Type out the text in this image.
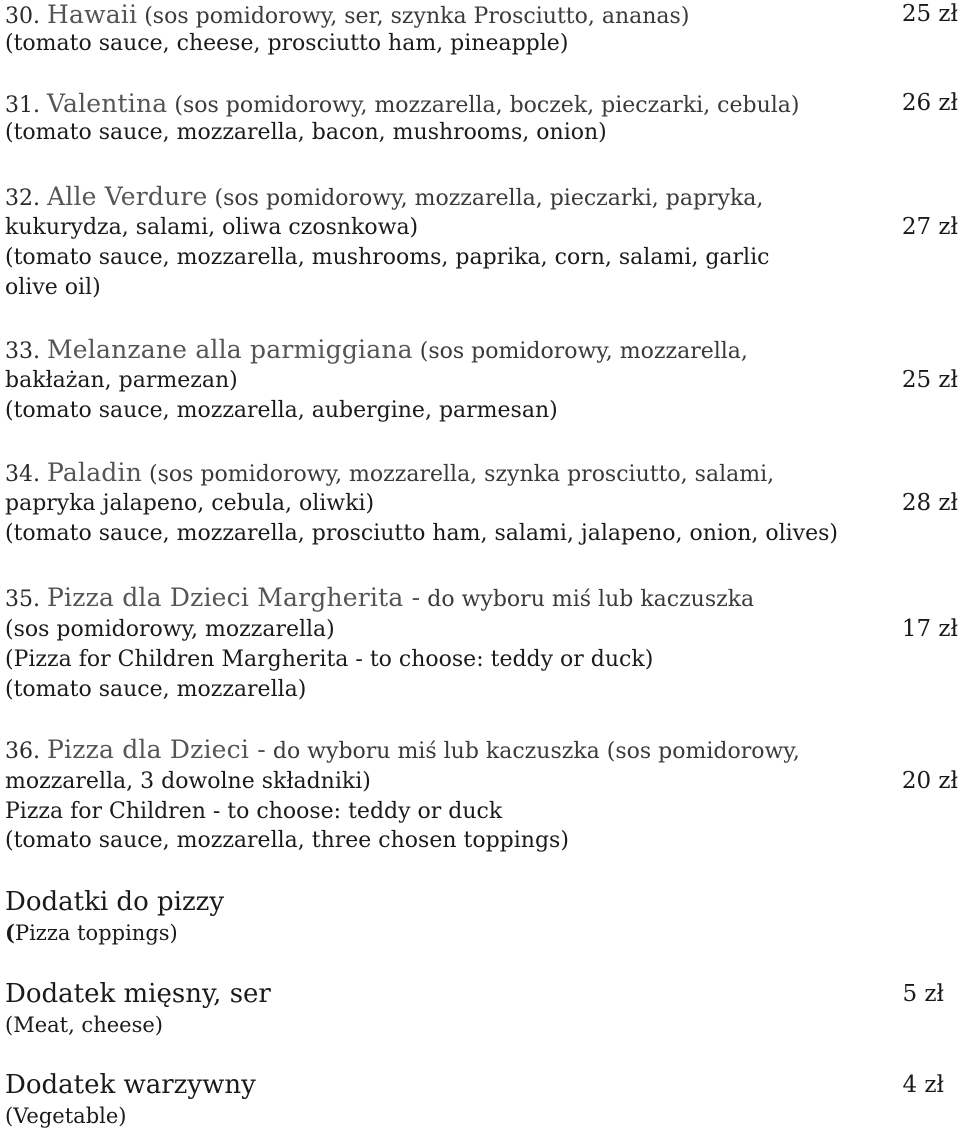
30. Hawaii (sos pomidorowy, ser, szynka Prosciutto, ananas)
(tomato sauce, cheese, prosciutto ham, pineapple)
25 zł
31. Valentina (sos pomidorowy, mozzarella, boczek, pieczarki, cebula)
(tomato sauce, mozzarella, bacon, mushrooms, onion)
26 zł
32. Alle Verdure (sos pomidorowy, mozzarella, pieczarki, papryka,
kukurydza, salami, oliwa czosnkowa)
(tomato sauce, mozzarella, mushrooms, paprika, corn, salami, garlic
olive oil)
27 zł
33. Melanzane alla parmiggiana (sos pomidorowy, mozzarella,
bakłażan, parmezan)
(tomato sauce, mozzarella, aubergine, parmesan)
25 zł
34. Paladin (sos pomidorowy, mozzarella, szynka prosciutto, salami,
papryka jalapeno, cebula, oliwki)
(tomato sauce, mozzarella, prosciutto ham, salami, jalapeno, onion, olives)
28 zł
35. Pizza dla Dzieci Margherita - do wyboru miś lub kaczuszka
(sos pomidorowy, mozzarella)
(Pizza for Children Margherita - to choose: teddy or duck)
(tomato sauce, mozzarella)
17 zł
36. Pizza dla Dzieci - do wyboru miś lub kaczuszka (sos pomidorowy,
mozzarella, 3 dowolne składniki)
Pizza for Children - to choose: teddy or duck
(tomato sauce, mozzarella, three chosen toppings)
20 zł
Dodatki do pizzy
(Pizza toppings)
Dodatek mięsny, ser
(Meat, cheese)
5 zł
Dodatek warzywny
(Vegetable)
4 zł
